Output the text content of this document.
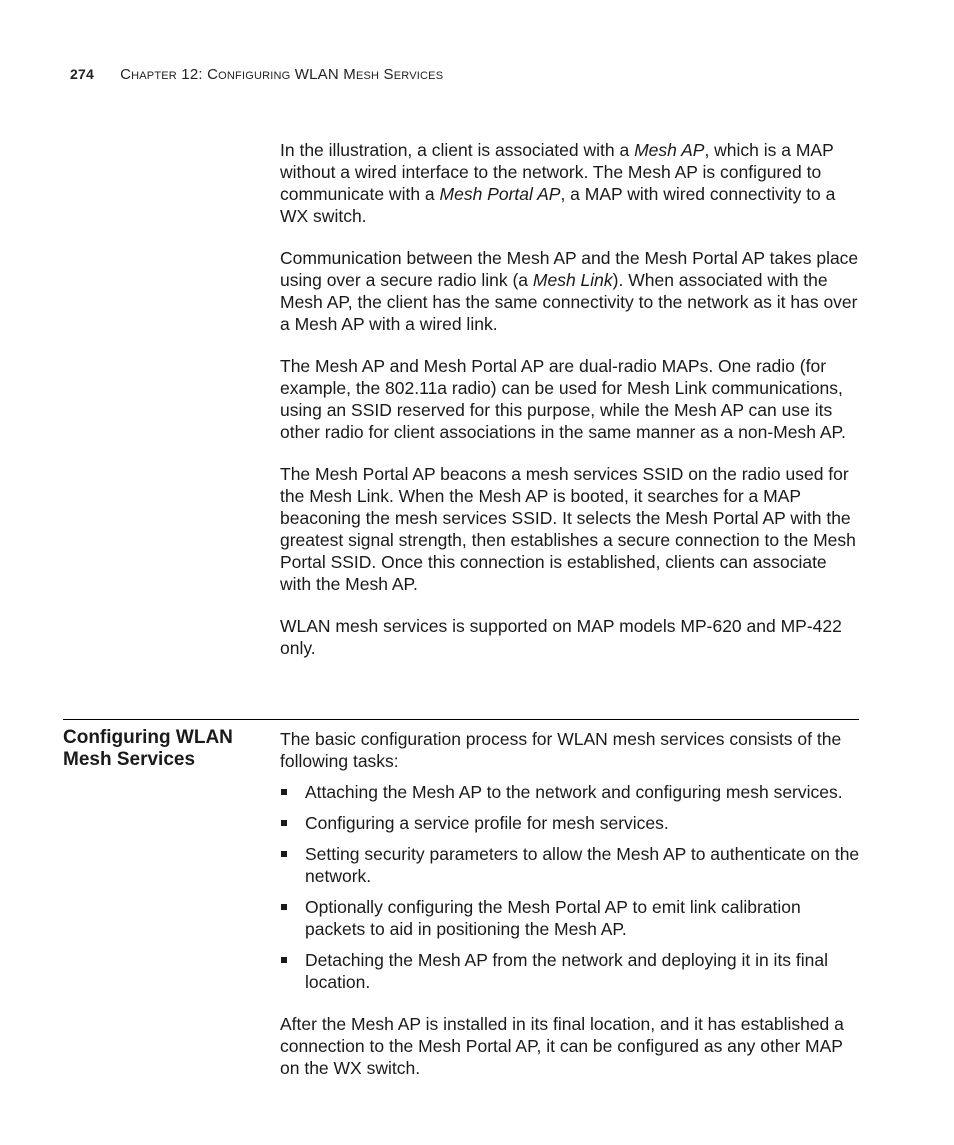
274 Chapter 12: Configuring WLAN Mesh Services

In the illustration, a client is associated with a Mesh AP, which is a MAP without a wired interface to the network. The Mesh AP is configured to communicate with a Mesh Portal AP, a MAP with wired connectivity to a WX switch.

Communication between the Mesh AP and the Mesh Portal AP takes place using over a secure radio link (a Mesh Link). When associated with the Mesh AP, the client has the same connectivity to the network as it has over a Mesh AP with a wired link.

The Mesh AP and Mesh Portal AP are dual-radio MAPs. One radio (for example, the 802.11a radio) can be used for Mesh Link communications, using an SSID reserved for this purpose, while the Mesh AP can use its other radio for client associations in the same manner as a non-Mesh AP.

The Mesh Portal AP beacons a mesh services SSID on the radio used for the Mesh Link. When the Mesh AP is booted, it searches for a MAP beaconing the mesh services SSID. It selects the Mesh Portal AP with the greatest signal strength, then establishes a secure connection to the Mesh Portal SSID. Once this connection is established, clients can associate with the Mesh AP.

WLAN mesh services is supported on MAP models MP-620 and MP-422 only.

Configuring WLAN Mesh Services

The basic configuration process for WLAN mesh services consists of the following tasks:

Attaching the Mesh AP to the network and configuring mesh services.
Configuring a service profile for mesh services.
Setting security parameters to allow the Mesh AP to authenticate on the network.
Optionally configuring the Mesh Portal AP to emit link calibration packets to aid in positioning the Mesh AP.
Detaching the Mesh AP from the network and deploying it in its final location.

After the Mesh AP is installed in its final location, and it has established a connection to the Mesh Portal AP, it can be configured as any other MAP on the WX switch.
